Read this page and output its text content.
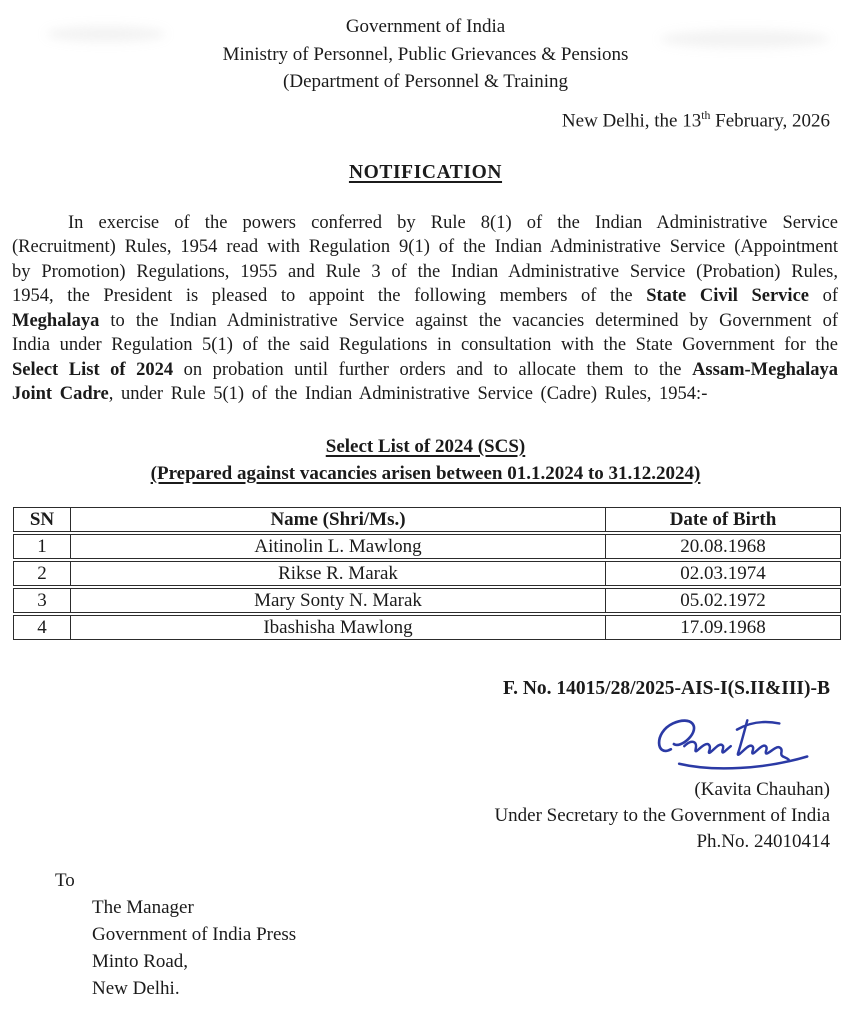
Government of India
Ministry of Personnel, Public Grievances & Pensions
(Department of Personnel & Training
New Delhi, the 13th February, 2026
NOTIFICATION

In exercise of the powers conferred by Rule 8(1) of the Indian Administrative Service (Recruitment) Rules, 1954 read with Regulation 9(1) of the Indian Administrative Service (Appointment by Promotion) Regulations, 1955 and Rule 3 of the Indian Administrative Service (Probation) Rules, 1954, the President is pleased to appoint the following members of the State Civil Service of Meghalaya to the Indian Administrative Service against the vacancies determined by Government of India under Regulation 5(1) of the said Regulations in consultation with the State Government for the Select List of 2024 on probation until further orders and to allocate them to the Assam-Meghalaya Joint Cadre, under Rule 5(1) of the Indian Administrative Service (Cadre) Rules, 1954:-

Select List of 2024 (SCS)
(Prepared against vacancies arisen between 01.1.2024 to 31.12.2024)
SN	Name (Shri/Ms.)	Date of Birth
1	Aitinolin L. Mawlong	20.08.1968
2	Rikse R. Marak	02.03.1974
3	Mary Sonty N. Marak	05.02.1972
4	Ibashisha Mawlong	17.09.1968
F. No. 14015/28/2025-AIS-I(S.II&III)-B
(Kavita Chauhan)
Under Secretary to the Government of India
Ph.No. 24010414
To
The Manager
Government of India Press
Minto Road,
New Delhi.
